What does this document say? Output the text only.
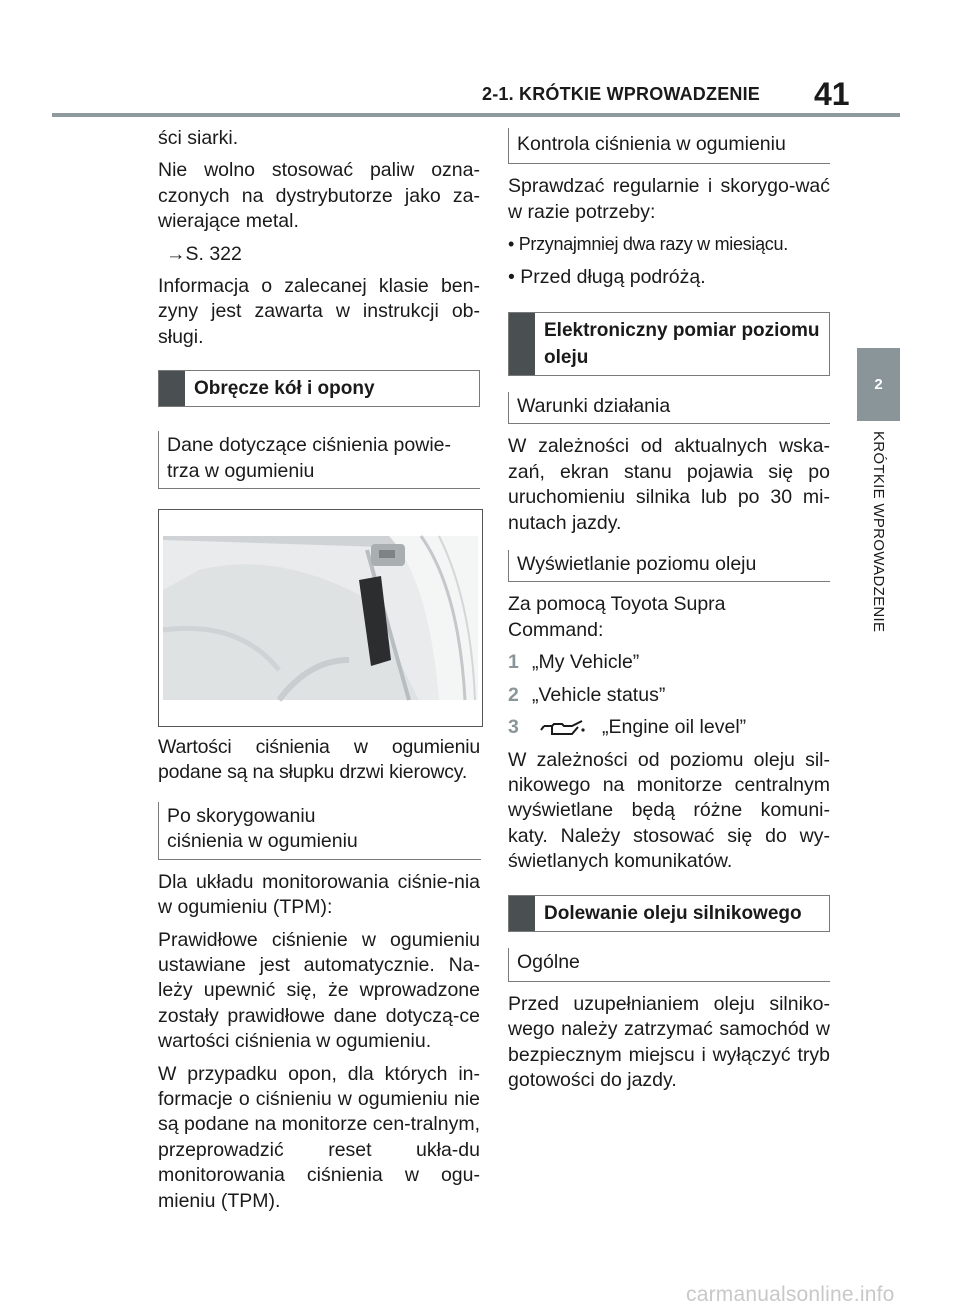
2-1. KRÓTKIE WPROWADZENIE 41
2
KRÓTKIE WPROWADZENIE

ści siarki.

Nie wolno stosować paliw ozna-czonych na dystrybutorze jako za-wierające metal.

→S. 322

Informacja o zalecanej klasie ben-zyny jest zawarta w instrukcji ob-sługi.

Obręcze kół i opony
Dane dotyczące ciśnienia powie-trza w ogumieniu

Wartości ciśnienia w ogumieniu podane są na słupku drzwi kierowcy.

Po skorygowaniu ciśnienia w ogumieniu

Dla układu monitorowania ciśnie-nia w ogumieniu (TPM):

Prawidłowe ciśnienie w ogumieniu ustawiane jest automatycznie. Na-leży upewnić się, że wprowadzone zostały prawidłowe dane dotyczą-ce wartości ciśnienia w ogumieniu.

W przypadku opon, dla których in-formacje o ciśnieniu w ogumieniu nie są podane na monitorze cen-tralnym, przeprowadzić reset ukła-du monitorowania ciśnienia w ogu-mieniu (TPM).

Kontrola ciśnienia w ogumieniu

Sprawdzać regularnie i skorygo-wać w razie potrzeby:

• Przynajmniej dwa razy w miesiącu.
• Przed długą podróżą.
Elektroniczny pomiar poziomu oleju
Warunki działania

W zależności od aktualnych wska-zań, ekran stanu pojawia się po uruchomieniu silnika lub po 30 mi-nutach jazdy.

Wyświetlanie poziomu oleju

Za pomocą Toyota Supra Command:

1 „My Vehicle”
2 „Vehicle status”
3	„Engine oil level”

W zależności od poziomu oleju sil-nikowego na monitorze centralnym wyświetlane będą różne komuni-katy. Należy stosować się do wy-świetlanych komunikatów.

Dolewanie oleju silnikowego
Ogólne

Przed uzupełnianiem oleju silniko-wego należy zatrzymać samochód w bezpiecznym miejscu i wyłączyć tryb gotowości do jazdy.

carmanualsonline.info
